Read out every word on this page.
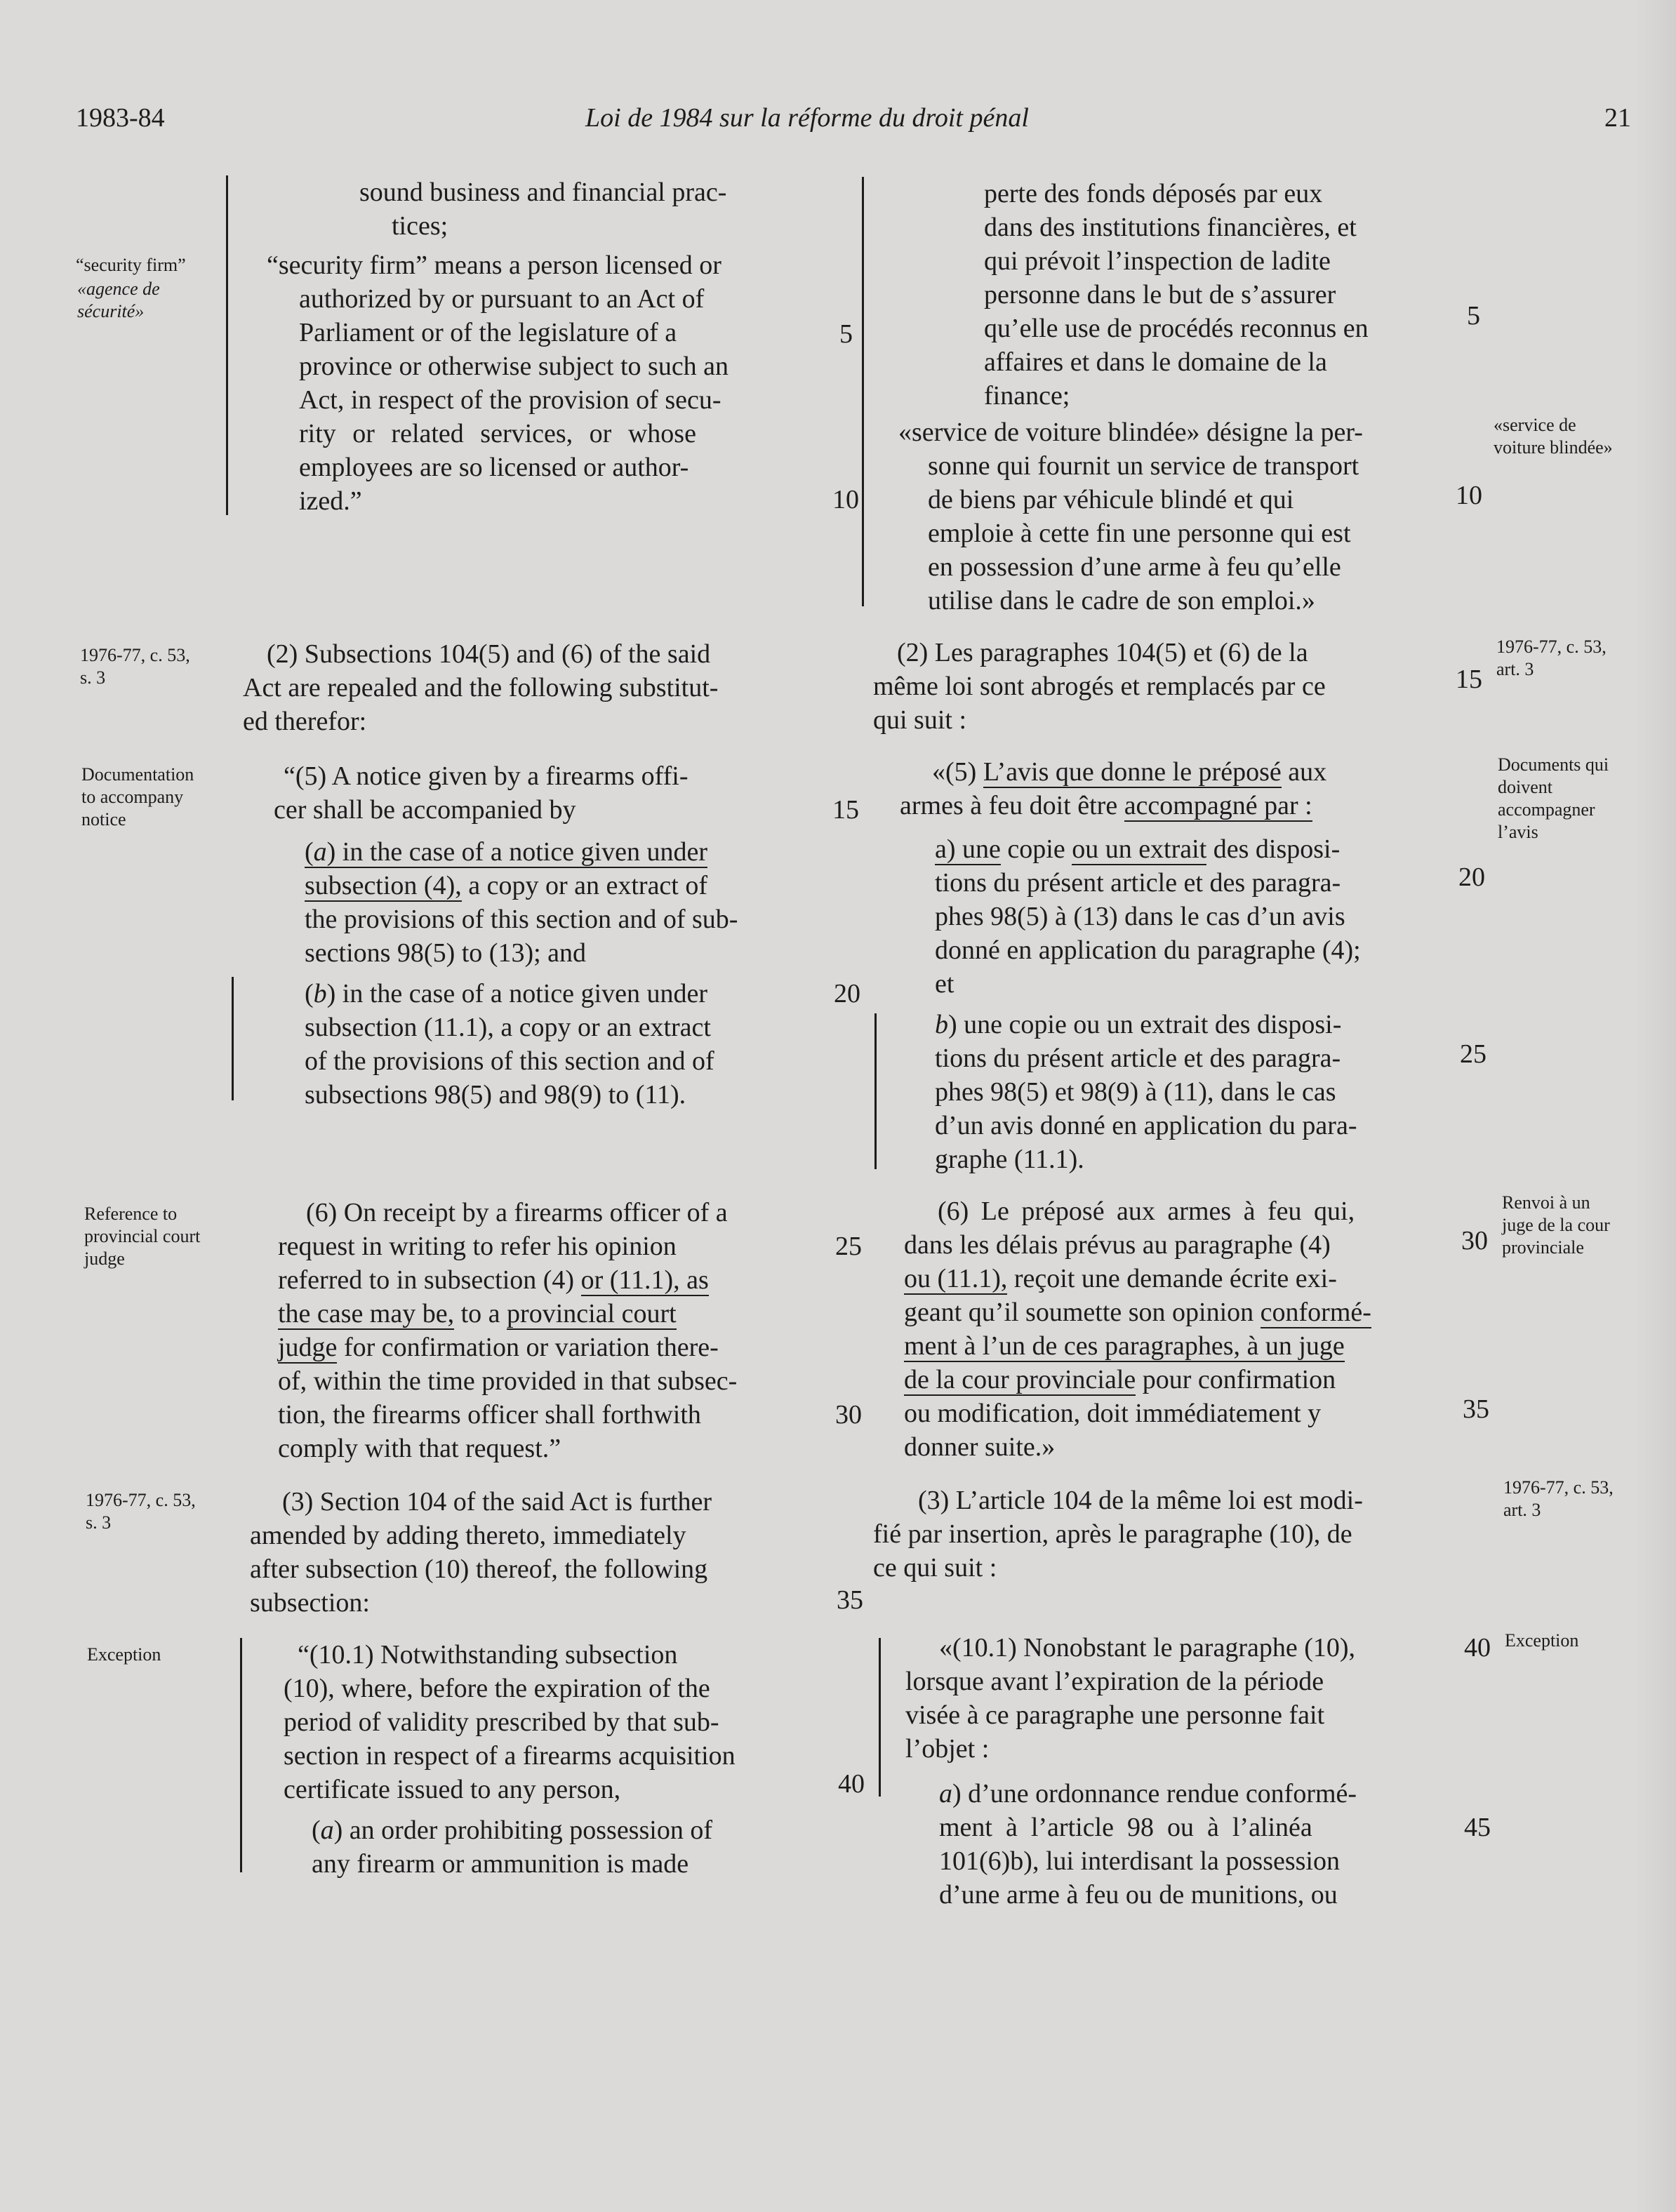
1983-84	Loi de 1984 sur la réforme du droit pénal	21
“security firm”
«agence de
sécurité»
1976-77, c. 53,
s. 3
Documentation
to accompany
notice
Reference to
provincial court
judge
1976-77, c. 53,
s. 3
Exception
«service de
voiture blindée»
1976-77, c. 53,
art. 3
Documents qui
doivent
accompagner
l’avis
Renvoi à un
juge de la cour
provinciale
1976-77, c. 53,
art. 3
Exception
sound business and financial prac-
tices;
“security firm” means a person licensed or
authorized by or pursuant to an Act of
Parliament or of the legislature of a
province or otherwise subject to such an
Act, in respect of the provision of secu-
rity or related services, or whose
employees are so licensed or author-
ized.”
(2) Subsections 104(5) and (6) of the said
Act are repealed and the following substitut-
ed therefor:
“(5) A notice given by a firearms offi-
cer shall be accompanied by
(a) in the case of a notice given under
subsection (4), a copy or an extract of
the provisions of this section and of sub-
sections 98(5) to (13); and
(b) in the case of a notice given under
subsection (11.1), a copy or an extract
of the provisions of this section and of
subsections 98(5) and 98(9) to (11).
(6) On receipt by a firearms officer of a
request in writing to refer his opinion
referred to in subsection (4) or (11.1), as
the case may be, to a provincial court
judge for confirmation or variation there-
of, within the time provided in that subsec-
tion, the firearms officer shall forthwith
comply with that request.”
(3) Section 104 of the said Act is further
amended by adding thereto, immediately
after subsection (10) thereof, the following
subsection:
“(10.1) Notwithstanding subsection
(10), where, before the expiration of the
period of validity prescribed by that sub-
section in respect of a firearms acquisition
certificate issued to any person,
(a) an order prohibiting possession of
any firearm or ammunition is made
5
10
15
20
25
30
35
40
perte des fonds déposés par eux
dans des institutions financières, et
qui prévoit l’inspection de ladite
personne dans le but de s’assurer
qu’elle use de procédés reconnus en
affaires et dans le domaine de la
finance;
«service de voiture blindée» désigne la per-
sonne qui fournit un service de transport
de biens par véhicule blindé et qui
emploie à cette fin une personne qui est
en possession d’une arme à feu qu’elle
utilise dans le cadre de son emploi.»
(2) Les paragraphes 104(5) et (6) de la
même loi sont abrogés et remplacés par ce
qui suit :
«(5) L’avis que donne le préposé aux
armes à feu doit être accompagné par :
a) une copie ou un extrait des disposi-
tions du présent article et des paragra-
phes 98(5) à (13) dans le cas d’un avis
donné en application du paragraphe (4);
et
b) une copie ou un extrait des disposi-
tions du présent article et des paragra-
phes 98(5) et 98(9) à (11), dans le cas
d’un avis donné en application du para-
graphe (11.1).
(6) Le préposé aux armes à feu qui,
dans les délais prévus au paragraphe (4)
ou (11.1), reçoit une demande écrite exi-
geant qu’il soumette son opinion conformé-
ment à l’un de ces paragraphes, à un juge
de la cour provinciale pour confirmation
ou modification, doit immédiatement y
donner suite.»
(3) L’article 104 de la même loi est modi-
fié par insertion, après le paragraphe (10), de
ce qui suit :
«(10.1) Nonobstant le paragraphe (10),
lorsque avant l’expiration de la période
visée à ce paragraphe une personne fait
l’objet :
a) d’une ordonnance rendue conformé-
ment  à  l’article  98  ou  à  l’alinéa
101(6)b), lui interdisant la possession
d’une arme à feu ou de munitions, ou
5
10
15
20
25
30
35
40
45
